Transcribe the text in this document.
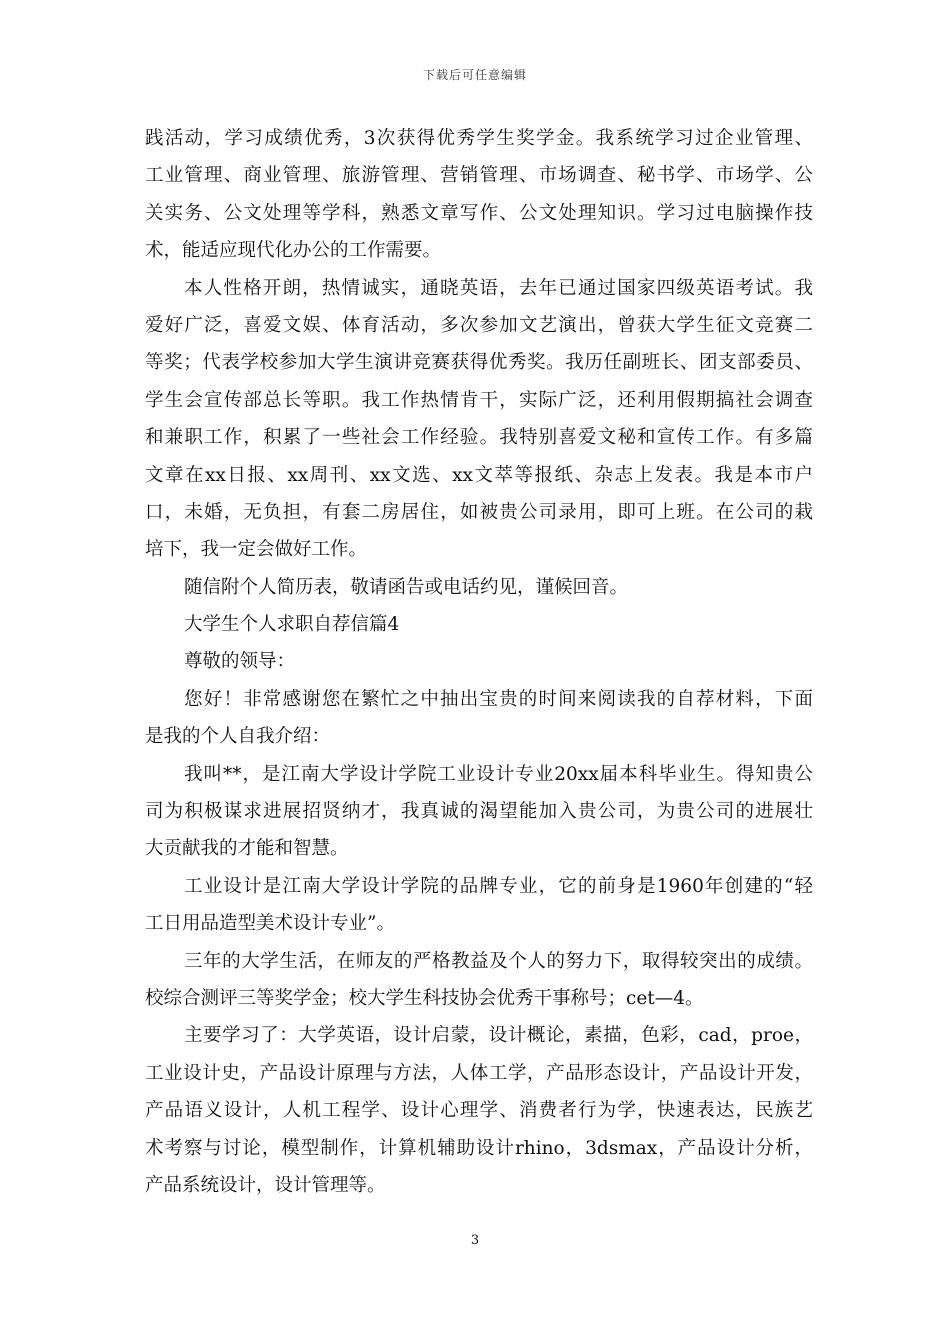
下载后可任意编辑
践活动，学习成绩优秀，3次获得优秀学生奖学金。我系统学习过企业管理、
工业管理、商业管理、旅游管理、营销管理、市场调查、秘书学、市场学、公
关实务、公文处理等学科，熟悉文章写作、公文处理知识。学习过电脑操作技
术，能适应现代化办公的工作需要。
本人性格开朗，热情诚实，通晓英语，去年已通过国家四级英语考试。我
爱好广泛，喜爱文娱、体育活动，多次参加文艺演出，曾获大学生征文竞赛二
等奖；代表学校参加大学生演讲竞赛获得优秀奖。我历任副班长、团支部委员、
学生会宣传部总长等职。我工作热情肯干，实际广泛，还利用假期搞社会调查
和兼职工作，积累了一些社会工作经验。我特别喜爱文秘和宣传工作。有多篇
文章在xx日报、xx周刊、xx文选、xx文萃等报纸、杂志上发表。我是本市户
口，未婚，无负担，有套二房居住，如被贵公司录用，即可上班。在公司的栽
培下，我一定会做好工作。
随信附个人简历表，敬请函告或电话约见，谨候回音。
大学生个人求职自荐信篇4
尊敬的领导：
您好！非常感谢您在繁忙之中抽出宝贵的时间来阅读我的自荐材料，下面
是我的个人自我介绍：
我叫**，是江南大学设计学院工业设计专业20xx届本科毕业生。得知贵公
司为积极谋求进展招贤纳才，我真诚的渴望能加入贵公司，为贵公司的进展壮
大贡献我的才能和智慧。
工业设计是江南大学设计学院的品牌专业，它的前身是1960年创建的“轻
工日用品造型美术设计专业”。
三年的大学生活，在师友的严格教益及个人的努力下，取得较突出的成绩。
校综合测评三等奖学金；校大学生科技协会优秀干事称号；cet—4。
主要学习了：大学英语，设计启蒙，设计概论，素描，色彩，cad，proe，
工业设计史，产品设计原理与方法，人体工学，产品形态设计，产品设计开发，
产品语义设计，人机工程学、设计心理学、消费者行为学，快速表达，民族艺
术考察与讨论，模型制作，计算机辅助设计rhino，3dsmax，产品设计分析，
产品系统设计，设计管理等。
3
